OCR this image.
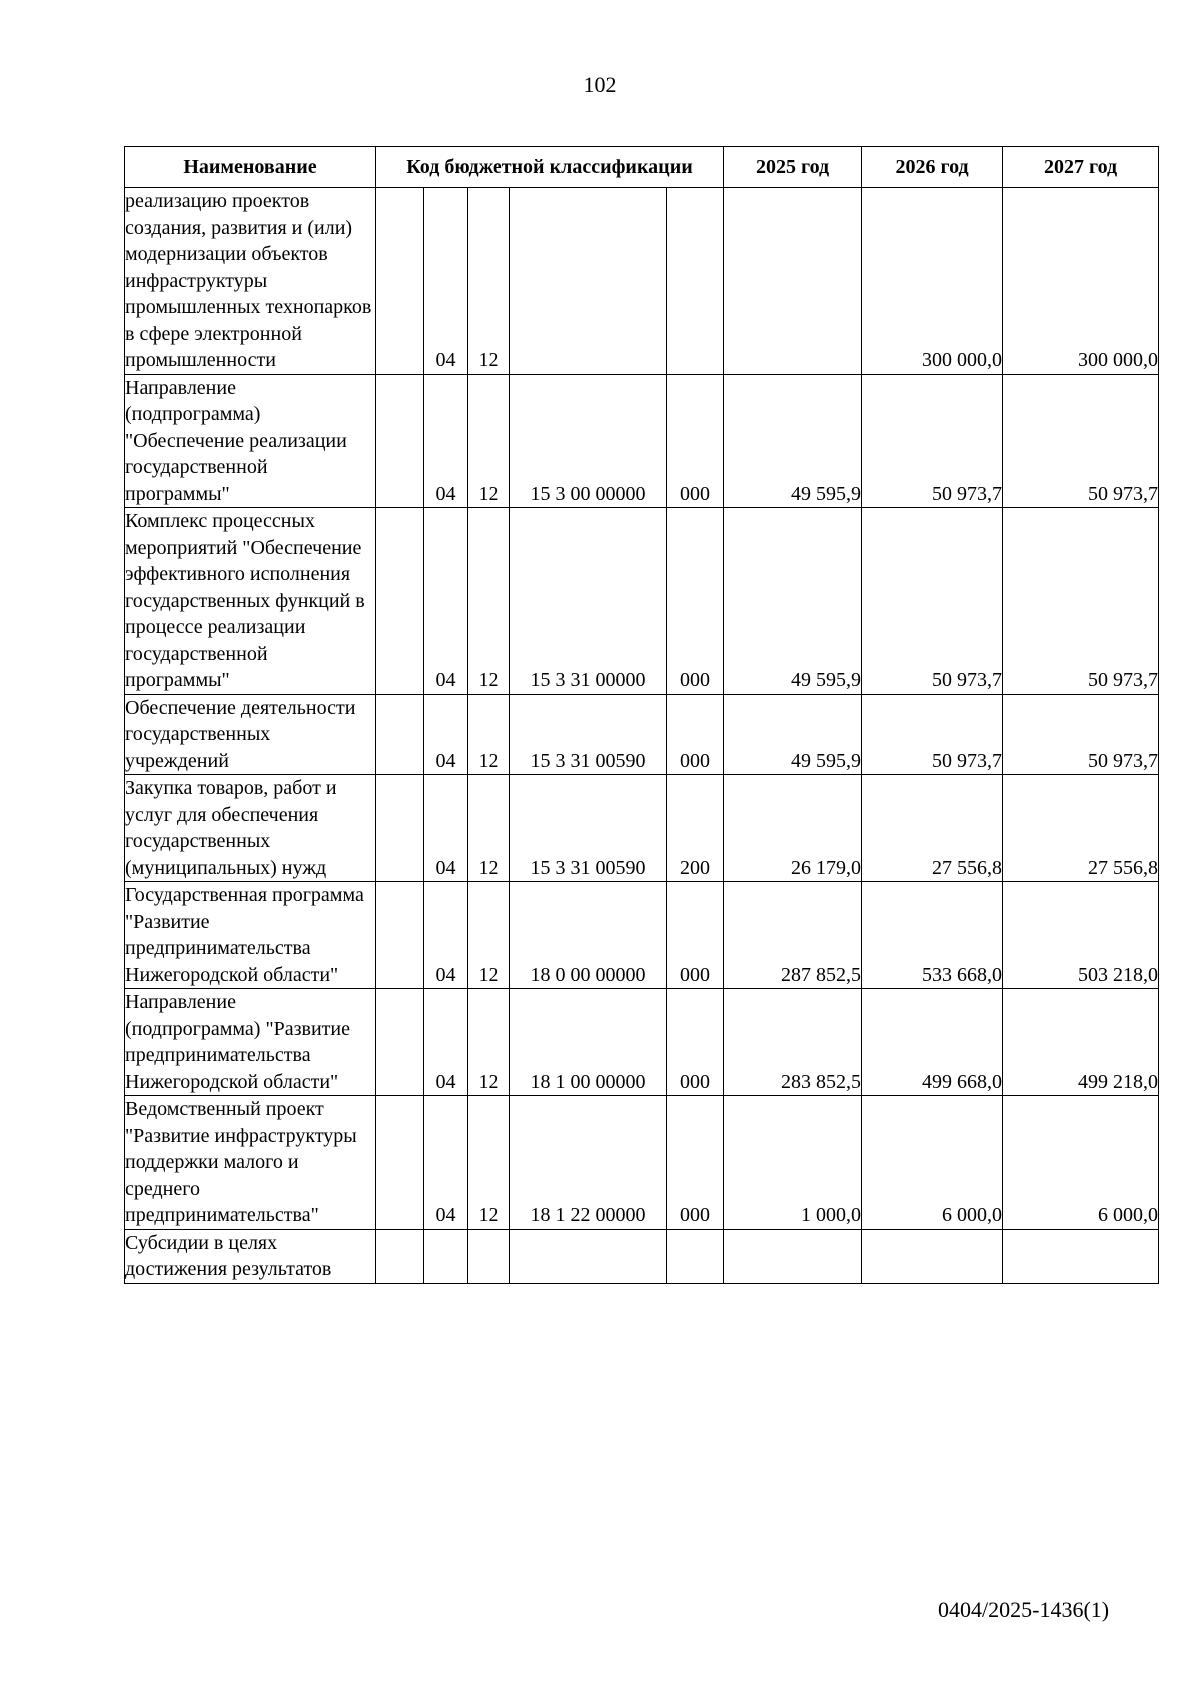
102
Наименование	Код бюджетной классификации					2025 год	2026 год	2027 год
реализацию проектов создания, развития и (или) модернизации объектов инфраструктуры промышленных технопарков в сфере электронной промышленности		04	12				300 000,0	300 000,0
Направление (подпрограмма) "Обеспечение реализации государственной программы"		04	12	15 3 00 00000	000	49 595,9	50 973,7	50 973,7
Комплекс процессных мероприятий "Обеспечение эффективного исполнения государственных функций в процессе реализации государственной программы"		04	12	15 3 31 00000	000	49 595,9	50 973,7	50 973,7
Обеспечение деятельности государственных учреждений		04	12	15 3 31 00590	000	49 595,9	50 973,7	50 973,7
Закупка товаров, работ и услуг для обеспечения государственных (муниципальных) нужд		04	12	15 3 31 00590	200	26 179,0	27 556,8	27 556,8
Государственная программа "Развитие предпринимательства Нижегородской области"		04	12	18 0 00 00000	000	287 852,5	533 668,0	503 218,0
Направление (подпрограмма) "Развитие предпринимательства Нижегородской области"		04	12	18 1 00 00000	000	283 852,5	499 668,0	499 218,0
Ведомственный проект "Развитие инфраструктуры поддержки малого и среднего предпринимательства"		04	12	18 1 22 00000	000	1 000,0	6 000,0	6 000,0
Субсидии в целях достижения результатов								
0404/2025-1436(1)
